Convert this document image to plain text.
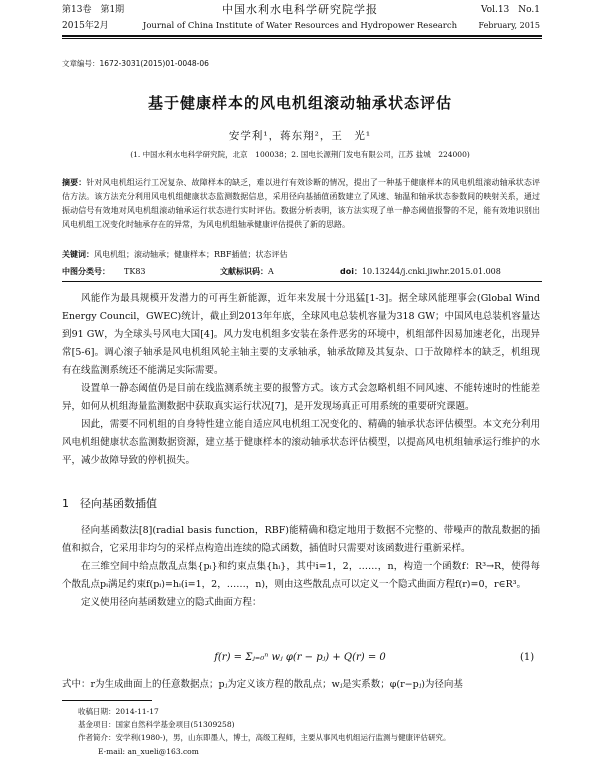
第13卷　第1期	中国水利水电科学研究院学报	Vol.13　No.1
2015年2月	Journal of China Institute of Water Resources and Hydropower Research	February, 2015
文章编号：1672-3031(2015)01-0048-06
基于健康样本的风电机组滚动轴承状态评估
安学利¹，蒋东翔²，王　光¹
(1. 中国水利水电科学研究院，北京　100038；2. 国电长源荆门发电有限公司，江苏 盐城　224000)
摘要：针对风电机组运行工况复杂、故障样本的缺乏，难以进行有效诊断的情况，提出了一种基于健康样本的风电机组滚动轴承状态评估方法。该方法充分利用风电机组健康状态监测数据信息，采用径向基插值函数建立了风速、轴温和轴承状态参数间的映射关系，通过振动信号有效地对风电机组滚动轴承运行状态进行实时评估。数据分析表明，该方法实现了单一静态阈值报警的不足，能有效地识别出风电机组工况变化时轴承存在的异常，为风电机组轴承健康评估提供了新的思路。
关键词：风电机组；滚动轴承；健康样本；RBF插值；状态评估
中图分类号： TK83	文献标识码：A	doi：10.13244/j.cnki.jiwhr.2015.01.008

风能作为最具规模开发潜力的可再生新能源，近年来发展十分迅猛[1-3]。据全球风能理事会(Global Wind Energy Council，GWEC)统计，截止到2013年年底，全球风电总装机容量为318 GW；中国风电总装机容量达到91 GW，为全球头号风电大国[4]。风力发电机组多安装在条件恶劣的环境中，机组部件因易加速老化，出现异常[5-6]。调心滚子轴承是风电机组风轮主轴主要的支承轴承，轴承故障及其复杂、口于故障样本的缺乏，机组现有在线监测系统还不能满足实际需要。

设置单一静态阈值仍是目前在线监测系统主要的报警方式。该方式会忽略机组不同风速、不能转速时的性能差异，如何从机组海量监测数据中获取真实运行状况[7]，是开发现场真正可用系统的重要研究课题。

因此，需要不同机组的自身特性建立能自适应风电机组工况变化的、精确的轴承状态评估模型。本文充分利用风电机组健康状态监测数据资源，建立基于健康样本的滚动轴承状态评估模型，以提高风电机组轴承运行维护的水平，减少故障导致的停机损失。

1　径向基函数插值

径向基函数法[8](radial basis function，RBF)能精确和稳定地用于数据不完整的、带噪声的散乱数据的插值和拟合，它采用非均匀的采样点构造出连续的隐式函数，插值时只需要对该函数进行重新采样。

在三维空间中给点散乱点集{pᵢ}和约束点集{hᵢ}，其中i=1，2，……，n，构造一个函数f：R³→R，使得每个散乱点pᵢ满足约束f(pᵢ)=hᵢ(i=1，2，……，n)，则由这些散乱点可以定义一个隐式曲面方程f(r)=0，r∈R³。

定义使用径向基函数建立的隐式曲面方程：

f(r) = Σⱼ₌₀ⁿ wⱼ φ(r − pⱼ) + Q(r) = 0	(1)
式中：r为生成曲面上的任意数据点；pⱼ为定义该方程的散乱点；wⱼ是实系数；φ(r−pⱼ)为径向基
收稿日期：2014-11-17
基金项目：国家自然科学基金项目(51309258)
作者简介：安学利(1980-)，男，山东即墨人，博士，高级工程师，主要从事风电机组运行监测与健康评估研究。
E-mail: an_xueli@163.com
